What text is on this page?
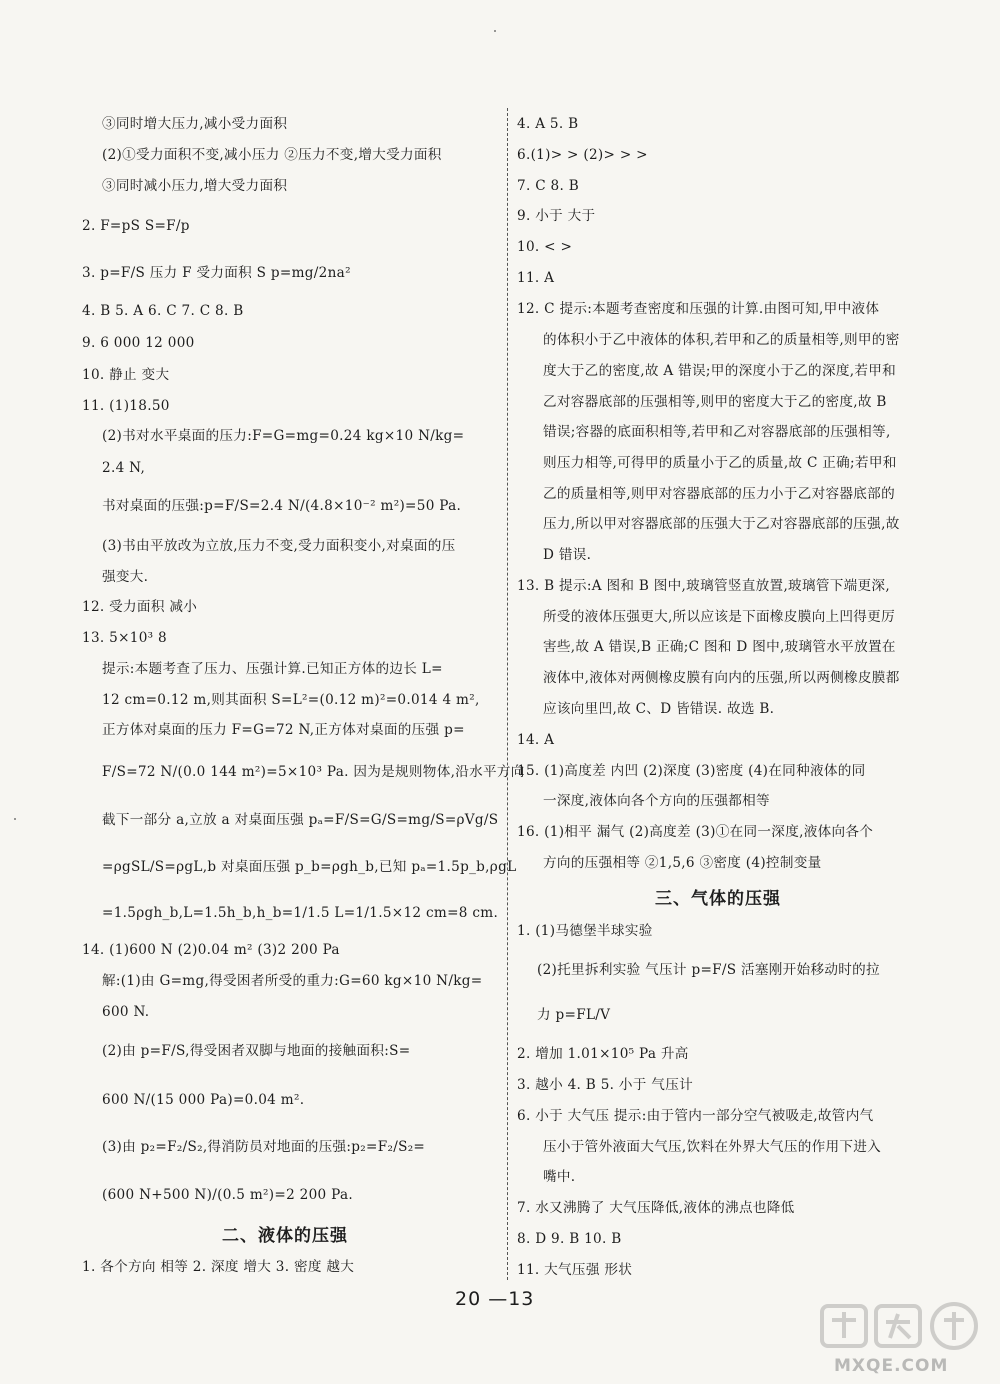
③同时增大压力,减小受力面积
(2)①受力面积不变,减小压力 ②压力不变,增大受力面积
③同时减小压力,增大受力面积
2. F=pS S=F/p
3. p=F/S 压力 F 受力面积 S p=mg/2na²
4. B 5. A 6. C 7. C 8. B
9. 6 000 12 000
10. 静止 变大
11. (1)18.50
(2)书对水平桌面的压力:F=G=mg=0.24 kg×10 N/kg=
2.4 N,
书对桌面的压强:p=F/S=2.4 N/(4.8×10⁻² m²)=50 Pa.
(3)书由平放改为立放,压力不变,受力面积变小,对桌面的压
强变大.
12. 受力面积 减小
13. 5×10³ 8
提示:本题考查了压力、压强计算.已知正方体的边长 L=
12 cm=0.12 m,则其面积 S=L²=(0.12 m)²=0.014 4 m²,
正方体对桌面的压力 F=G=72 N,正方体对桌面的压强 p=
F/S=72 N/(0.0 144 m²)=5×10³ Pa. 因为是规则物体,沿水平方向
截下一部分 a,立放 a 对桌面压强 pₐ=F/S=G/S=mg/S=ρVg/S
=ρgSL/S=ρgL,b 对桌面压强 p_b=ρgh_b,已知 pₐ=1.5p_b,ρgL
=1.5ρgh_b,L=1.5h_b,h_b=1/1.5 L=1/1.5×12 cm=8 cm.
14. (1)600 N (2)0.04 m² (3)2 200 Pa
解:(1)由 G=mg,得受困者所受的重力:G=60 kg×10 N/kg=
600 N.
(2)由 p=F/S,得受困者双脚与地面的接触面积:S=
600 N/(15 000 Pa)=0.04 m².
(3)由 p₂=F₂/S₂,得消防员对地面的压强:p₂=F₂/S₂=
(600 N+500 N)/(0.5 m²)=2 200 Pa.
1. 各个方向 相等 2. 深度 增大 3. 密度 越大
4. A 5. B
6.(1)> > (2)> > >
7. C 8. B
9. 小于 大于
10. < >
11. A
12. C 提示:本题考查密度和压强的计算.由图可知,甲中液体
的体积小于乙中液体的体积,若甲和乙的质量相等,则甲的密
度大于乙的密度,故 A 错误;甲的深度小于乙的深度,若甲和
乙对容器底部的压强相等,则甲的密度大于乙的密度,故 B
错误;容器的底面积相等,若甲和乙对容器底部的压强相等,
则压力相等,可得甲的质量小于乙的质量,故 C 正确;若甲和
乙的质量相等,则甲对容器底部的压力小于乙对容器底部的
压力,所以甲对容器底部的压强大于乙对容器底部的压强,故
D 错误.
13. B 提示:A 图和 B 图中,玻璃管竖直放置,玻璃管下端更深,
所受的液体压强更大,所以应该是下面橡皮膜向上凹得更厉
害些,故 A 错误,B 正确;C 图和 D 图中,玻璃管水平放置在
液体中,液体对两侧橡皮膜有向内的压强,所以两侧橡皮膜都
应该向里凹,故 C、D 皆错误. 故选 B.
14. A
15. (1)高度差 内凹 (2)深度 (3)密度 (4)在同种液体的同
一深度,液体向各个方向的压强都相等
16. (1)相平 漏气 (2)高度差 (3)①在同一深度,液体向各个
方向的压强相等 ②1,5,6 ③密度 (4)控制变量
1. (1)马德堡半球实验
(2)托里拆利实验 气压计 p=F/S 活塞刚开始移动时的拉
力 p=FL/V
2. 增加 1.01×10⁵ Pa 升高
3. 越小 4. B 5. 小于 气压计
6. 小于 大气压 提示:由于管内一部分空气被吸走,故管内气
压小于管外液面大气压,饮料在外界大气压的作用下进入
嘴中.
7. 水又沸腾了 大气压降低,液体的沸点也降低
8. D 9. B 10. B
11. 大气压强 形状
二、液体的压强
三、气体的压强
20 —13
MXQE.COM
